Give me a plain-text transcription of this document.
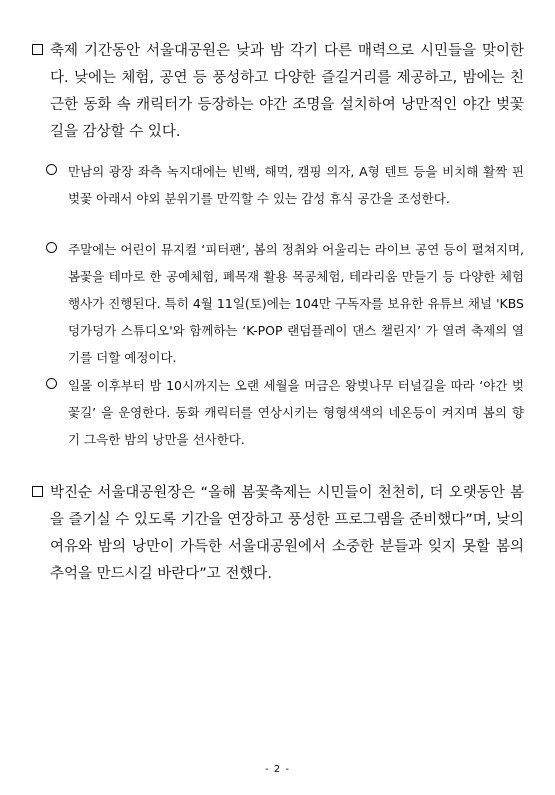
축제 기간동안 서울대공원은 낮과 밤 각기 다른 매력으로 시민들을 맞이한다. 낮에는 체험, 공연 등 풍성하고 다양한 즐길거리를 제공하고, 밤에는 친근한 동화 속 캐릭터가 등장하는 야간 조명을 설치하여 낭만적인 야간 벚꽃길을 감상할 수 있다.
만남의 광장 좌측 녹지대에는 빈백, 해먹, 캠핑 의자, A형 텐트 등을 비치해 활짝 핀 벚꽃 아래서 야외 분위기를 만끽할 수 있는 감성 휴식 공간을 조성한다.
주말에는 어린이 뮤지컬 ‘피터팬’, 봄의 정취와 어울리는 라이브 공연 등이 펼쳐지며, 봄꽃을 테마로 한 공예체험, 폐목재 활용 목공체험, 테라리움 만들기 등 다양한 체험 행사가 진행된다. 특히 4월 11일(토)에는 104만 구독자를 보유한 유튜브 채널 'KBS 덩가덩가 스튜디오'와 함께하는 ‘K-POP 랜덤플레이 댄스 챌린지’ 가 열려 축제의 열기를 더할 예정이다.
일몰 이후부터 밤 10시까지는 오랜 세월을 머금은 왕벚나무 터널길을 따라 ‘야간 벚꽃길’ 을 운영한다. 동화 캐릭터를 연상시키는 형형색색의 네온등이 켜지며 봄의 향기 그윽한 밤의 낭만을 선사한다.
박진순 서울대공원장은 “올해 봄꽃축제는 시민들이 천천히, 더 오랫동안 봄을 즐기실 수 있도록 기간을 연장하고 풍성한 프로그램을 준비했다”며, 낮의 여유와 밤의 낭만이 가득한 서울대공원에서 소중한 분들과 잊지 못할 봄의 추억을 만드시길 바란다”고 전했다.
- 2 -
